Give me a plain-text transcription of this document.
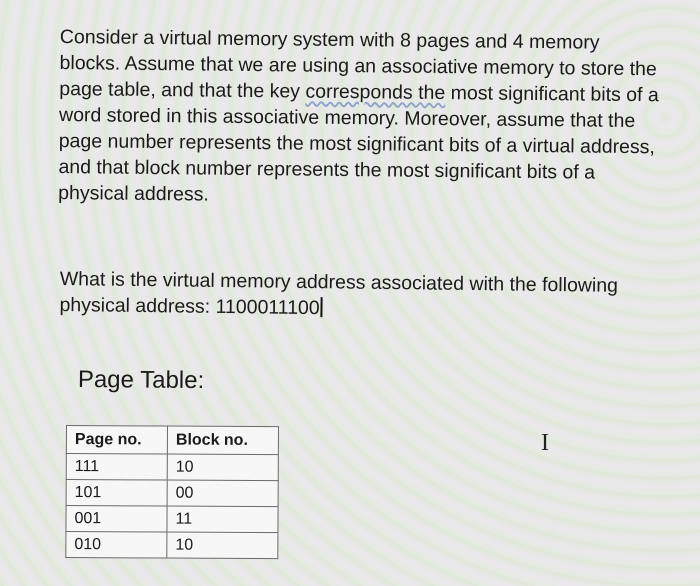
Consider a virtual memory system with 8 pages and 4 memory blocks. Assume that we are using an associative memory to store the page table, and that the key corresponds the most significant bits of a word stored in this associative memory. Moreover, assume that the page number represents the most significant bits of a virtual address, and that block number represents the most significant bits of a physical address.

What is the virtual memory address associated with the following physical address: 1100011100

Page Table:
Page no.	Block no.
111	10
101	00
001	11
010	10
I
